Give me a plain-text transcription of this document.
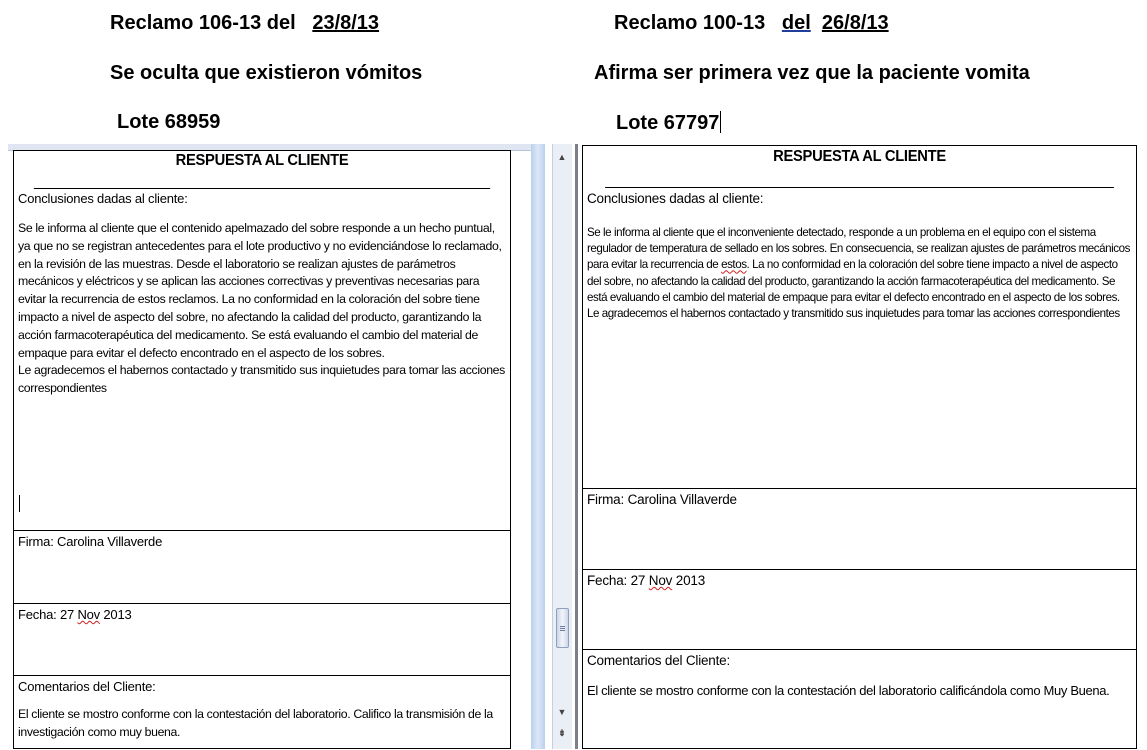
Reclamo 106-13 del 23/8/13
Se oculta que existieron vómitos
Lote 68959
Reclamo 100-13 del 26/8/13
Afirma ser primera vez que la paciente vomita
Lote 67797
RESPUESTA AL CLIENTE
Conclusiones dadas al cliente:
Se le informa al cliente que el contenido apelmazado del sobre responde a un hecho puntual, ya que no se registran antecedentes para el lote productivo y no evidenciándose lo reclamado, en la revisión de las muestras. Desde el laboratorio se realizan ajustes de parámetros mecánicos y eléctricos y se aplican las acciones correctivas y preventivas necesarias para evitar la recurrencia de estos reclamos. La no conformidad en la coloración del sobre tiene impacto a nivel de aspecto del sobre, no afectando la calidad del producto, garantizando la acción farmacoterapéutica del medicamento. Se está evaluando el cambio del material de empaque para evitar el defecto encontrado en el aspecto de los sobres.
Le agradecemos el habernos contactado y transmitido sus inquietudes para tomar las acciones correspondientes
Firma: Carolina Villaverde
Fecha: 27 Nov 2013
Comentarios del Cliente:
El cliente se mostro conforme con la contestación del laboratorio. Califico la transmisión de la investigación como muy buena.
▲
▼
⇟
RESPUESTA AL CLIENTE
Conclusiones dadas al cliente:
Se le informa al cliente que el inconveniente detectado, responde a un problema en el equipo con el sistema regulador de temperatura de sellado en los sobres. En consecuencia, se realizan ajustes de parámetros mecánicos para evitar la recurrencia de estos. La no conformidad en la coloración del sobre tiene impacto a nivel de aspecto del sobre, no afectando la calidad del producto, garantizando la acción farmacoterapéutica del medicamento. Se está evaluando el cambio del material de empaque para evitar el defecto encontrado en el aspecto de los sobres.
Le agradecemos el habernos contactado y transmitido sus inquietudes para tomar las acciones correspondientes
Firma: Carolina Villaverde
Fecha: 27 Nov 2013
Comentarios del Cliente:
El cliente se mostro conforme con la contestación del laboratorio calificándola como Muy Buena.
